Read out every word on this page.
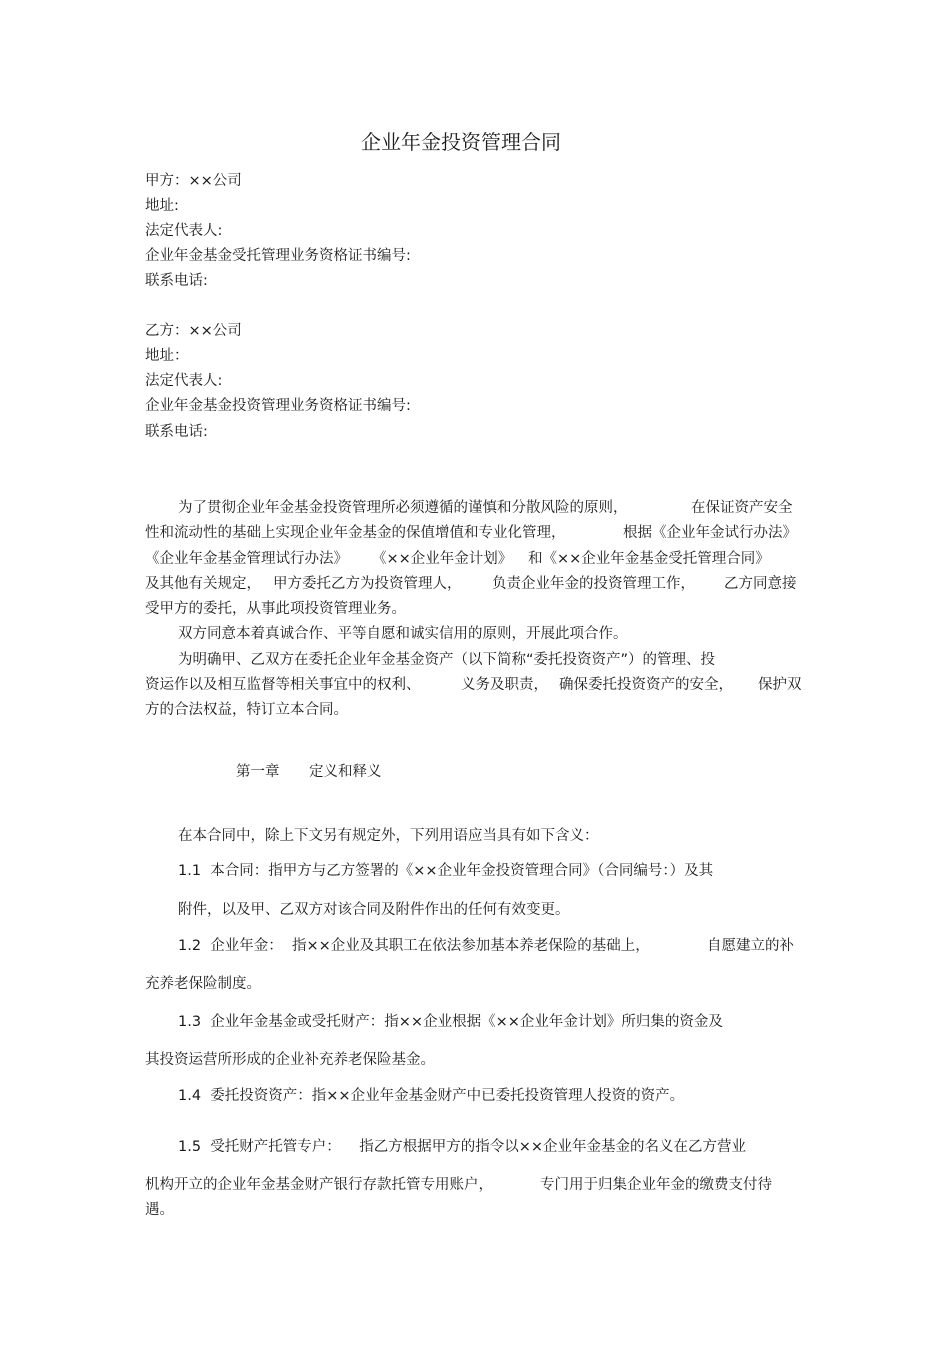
企业年金投资管理合同
甲方：××公司
地址:
法定代表人:
企业年金基金受托管理业务资格证书编号:
联系电话:
乙方：××公司
地址：
法定代表人:
企业年金基金投资管理业务资格证书编号:
联系电话:
为了贯彻企业年金基金投资管理所必须遵循的谨慎和分散风险的原则，	在保证资产安全
性和流动性的基础上实现企业年金基金的保值增值和专业化管理，	根据《企业年金试行办法》
《企业年金基金管理试行办法》 《××企业年金计划》 和《××企业年金基金受托管理合同》
及其他有关规定， 甲方委托乙方为投资管理人， 负责企业年金的投资管理工作， 乙方同意接
受甲方的委托，从事此项投资管理业务。
双方同意本着真诚合作、平等自愿和诚实信用的原则，开展此项合作。
为明确甲、乙双方在委托企业年金基金资产（以下简称“委托投资资产”）的管理、投
资运作以及相互监督等相关事宜中的权利、	义务及职责， 确保委托投资资产的安全， 保护双
方的合法权益，特订立本合同。
第一章 定义和释义
在本合同中，除上下文另有规定外，下列用语应当具有如下含义：
1.1  本合同：指甲方与乙方签署的《××企业年金投资管理合同》（合同编号：）及其
附件，以及甲、乙双方对该合同及附件作出的任何有效变更。
1.2  企业年金：  指××企业及其职工在依法参加基本养老保险的基础上，	自愿建立的补
充养老保险制度。
1.3  企业年金基金或受托财产：指××企业根据《××企业年金计划》所归集的资金及
其投资运营所形成的企业补充养老保险基金。
1.4  委托投资资产：指××企业年金基金财产中已委托投资管理人投资的资产。
1.5  受托财产托管专户：    指乙方根据甲方的指令以××企业年金基金的名义在乙方营业
机构开立的企业年金基金财产银行存款托管专用账户，	专门用于归集企业年金的缴费支付待
遇。
